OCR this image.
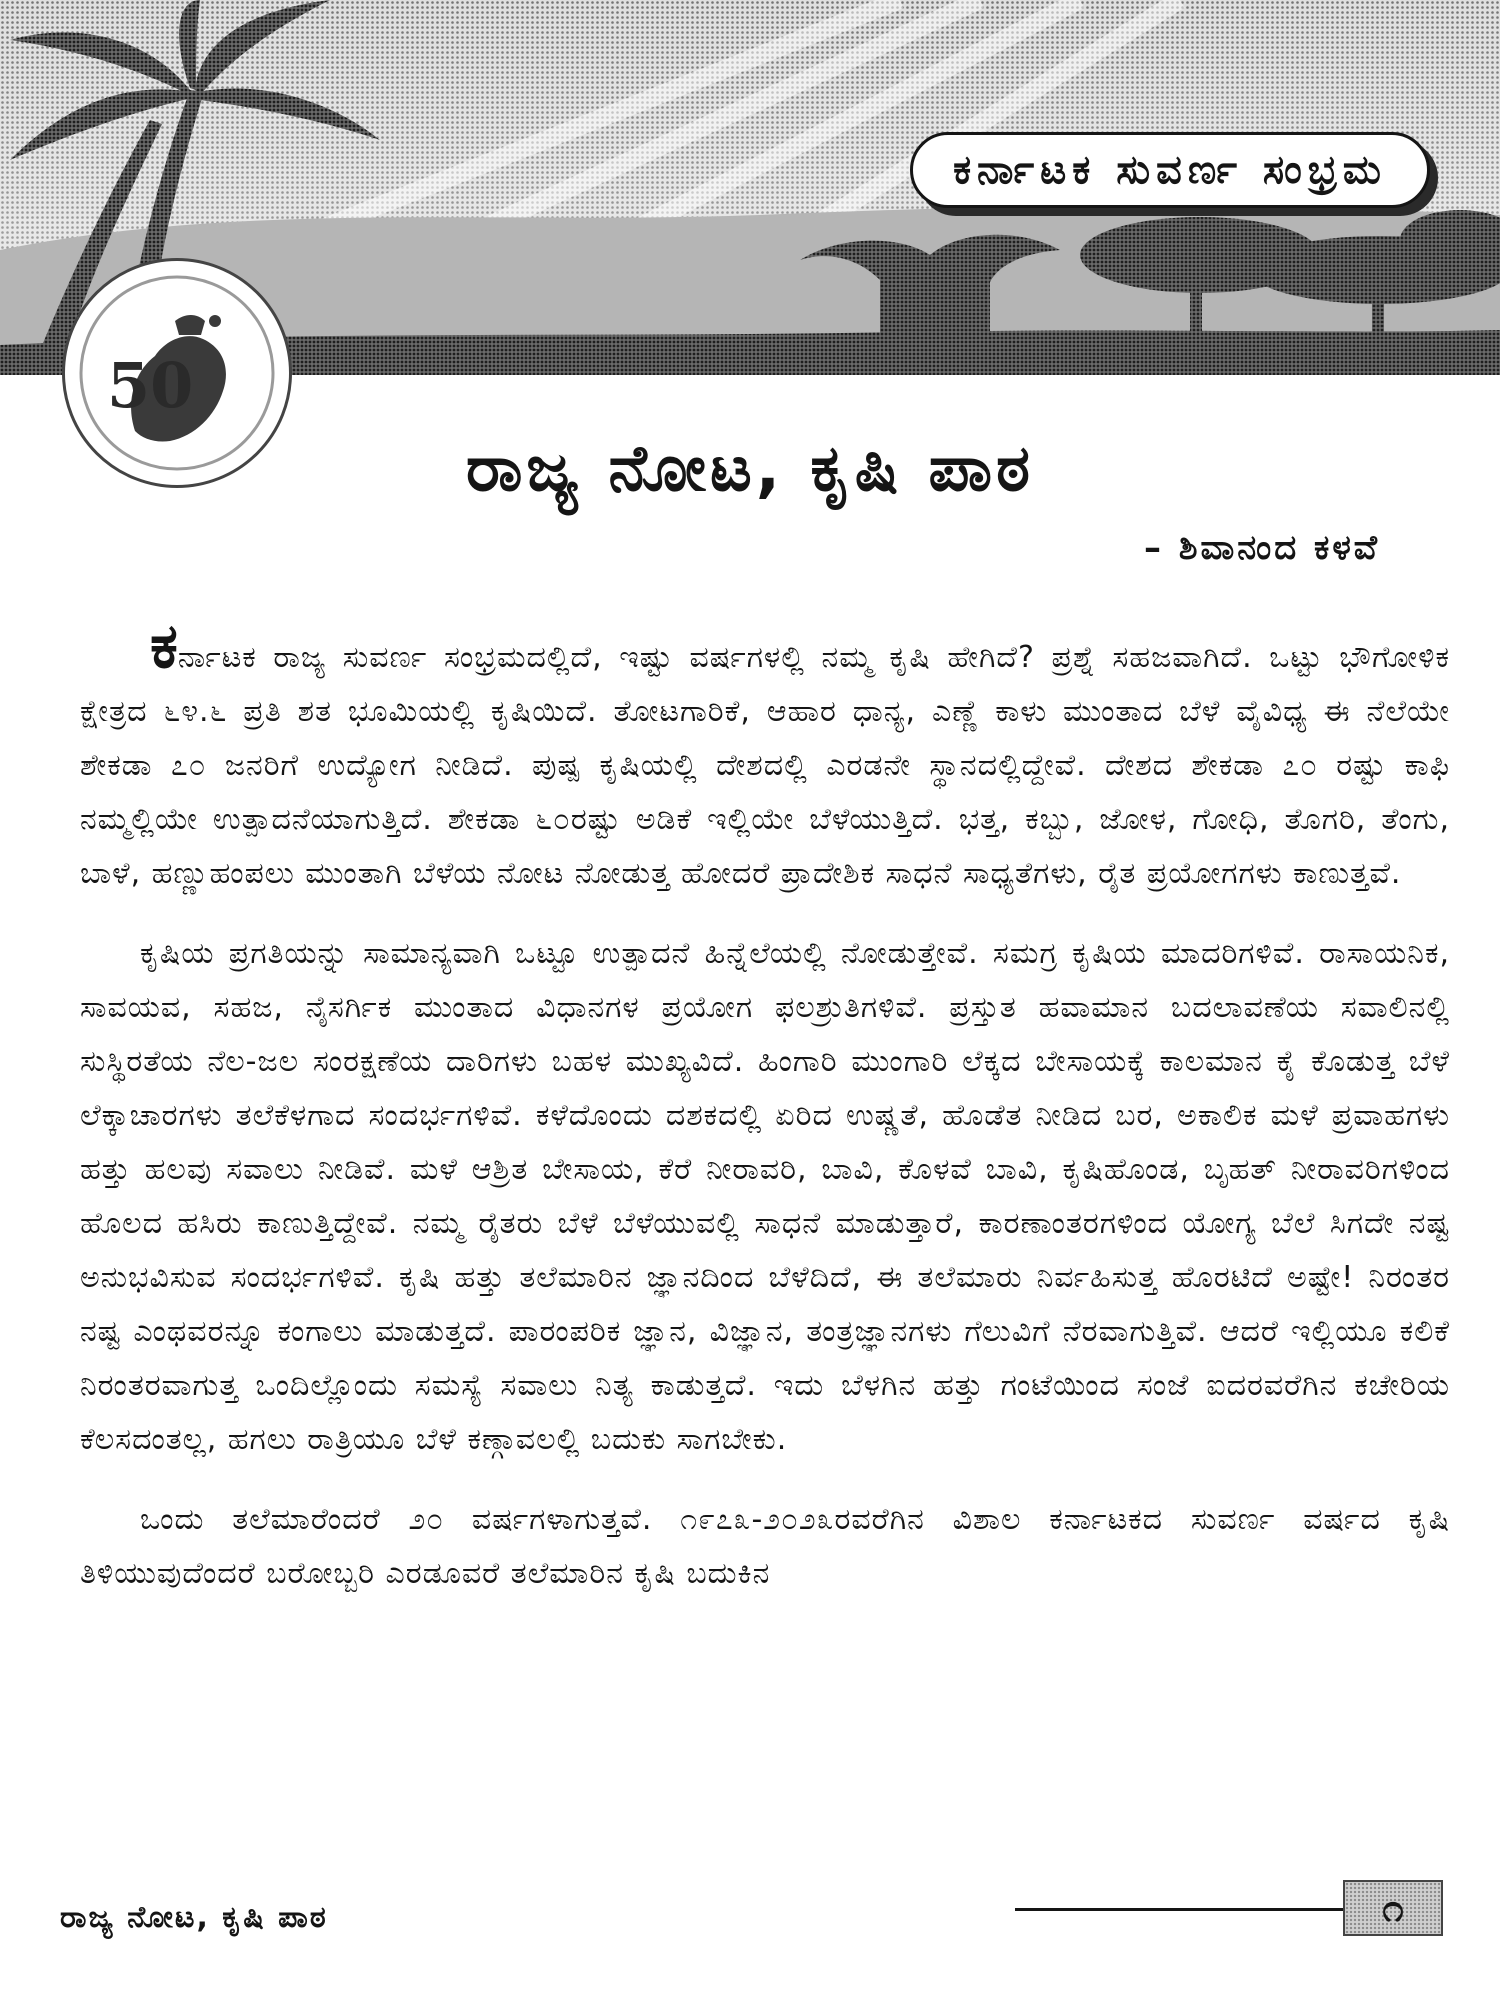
ಕರ್ನಾಟಕ ಸುವರ್ಣ ಸಂಭ್ರಮ
50
ರಾಜ್ಯ ನೋಟ, ಕೃಷಿ ಪಾಠ
– ಶಿವಾನಂದ ಕಳವೆ

ಕರ್ನಾಟಕ ರಾಜ್ಯ ಸುವರ್ಣ ಸಂಭ್ರಮದಲ್ಲಿದೆ, ಇಷ್ಟು ವರ್ಷಗಳಲ್ಲಿ ನಮ್ಮ ಕೃಷಿ ಹೇಗಿದೆ? ಪ್ರಶ್ನೆ ಸಹಜವಾಗಿದೆ. ಒಟ್ಟು ಭೌಗೋಳಿಕ ಕ್ಷೇತ್ರದ ೬೪.೬ ಪ್ರತಿ ಶತ ಭೂಮಿಯಲ್ಲಿ ಕೃಷಿಯಿದೆ. ತೋಟಗಾರಿಕೆ, ಆಹಾರ ಧಾನ್ಯ, ಎಣ್ಣೆ ಕಾಳು ಮುಂತಾದ ಬೆಳೆ ವೈವಿಧ್ಯ ಈ ನೆಲೆಯೇ ಶೇಕಡಾ ೭೦ ಜನರಿಗೆ ಉದ್ಯೋಗ ನೀಡಿದೆ. ಪುಷ್ಪ ಕೃಷಿಯಲ್ಲಿ ದೇಶದಲ್ಲಿ ಎರಡನೇ ಸ್ಥಾನದಲ್ಲಿದ್ದೇವೆ. ದೇಶದ ಶೇಕಡಾ ೭೦ ರಷ್ಟು ಕಾಫಿ ನಮ್ಮಲ್ಲಿಯೇ ಉತ್ಪಾದನೆಯಾಗುತ್ತಿದೆ. ಶೇಕಡಾ ೬೦ರಷ್ಟು ಅಡಿಕೆ ಇಲ್ಲಿಯೇ ಬೆಳೆಯುತ್ತಿದೆ. ಭತ್ತ, ಕಬ್ಬು, ಜೋಳ, ಗೋಧಿ, ತೊಗರಿ, ತೆಂಗು, ಬಾಳೆ, ಹಣ್ಣುಹಂಪಲು ಮುಂತಾಗಿ ಬೆಳೆಯ ನೋಟ ನೋಡುತ್ತ ಹೋದರೆ ಪ್ರಾದೇಶಿಕ ಸಾಧನೆ ಸಾಧ್ಯತೆಗಳು, ರೈತ ಪ್ರಯೋಗಗಳು ಕಾಣುತ್ತವೆ.

ಕೃಷಿಯ ಪ್ರಗತಿಯನ್ನು ಸಾಮಾನ್ಯವಾಗಿ ಒಟ್ಟೂ ಉತ್ಪಾದನೆ ಹಿನ್ನೆಲೆಯಲ್ಲಿ ನೋಡುತ್ತೇವೆ. ಸಮಗ್ರ ಕೃಷಿಯ ಮಾದರಿಗಳಿವೆ. ರಾಸಾಯನಿಕ, ಸಾವಯವ, ಸಹಜ, ನೈಸರ್ಗಿಕ ಮುಂತಾದ ವಿಧಾನಗಳ ಪ್ರಯೋಗ ಫಲಶ್ರುತಿಗಳಿವೆ. ಪ್ರಸ್ತುತ ಹವಾಮಾನ ಬದಲಾವಣೆಯ ಸವಾಲಿನಲ್ಲಿ ಸುಸ್ಥಿರತೆಯ ನೆಲ-ಜಲ ಸಂರಕ್ಷಣೆಯ ದಾರಿಗಳು ಬಹಳ ಮುಖ್ಯವಿದೆ. ಹಿಂಗಾರಿ ಮುಂಗಾರಿ ಲೆಕ್ಕದ ಬೇಸಾಯಕ್ಕೆ ಕಾಲಮಾನ ಕೈ ಕೊಡುತ್ತ ಬೆಳೆ ಲೆಕ್ಕಾಚಾರಗಳು ತಲೆಕೆಳಗಾದ ಸಂದರ್ಭಗಳಿವೆ. ಕಳೆದೊಂದು ದಶಕದಲ್ಲಿ ಏರಿದ ಉಷ್ಣತೆ, ಹೊಡೆತ ನೀಡಿದ ಬರ, ಅಕಾಲಿಕ ಮಳೆ ಪ್ರವಾಹಗಳು ಹತ್ತು ಹಲವು ಸವಾಲು ನೀಡಿವೆ. ಮಳೆ ಆಶ್ರಿತ ಬೇಸಾಯ, ಕೆರೆ ನೀರಾವರಿ, ಬಾವಿ, ಕೊಳವೆ ಬಾವಿ, ಕೃಷಿಹೊಂಡ, ಬೃಹತ್ ನೀರಾವರಿಗಳಿಂದ ಹೊಲದ ಹಸಿರು ಕಾಣುತ್ತಿದ್ದೇವೆ. ನಮ್ಮ ರೈತರು ಬೆಳೆ ಬೆಳೆಯುವಲ್ಲಿ ಸಾಧನೆ ಮಾಡುತ್ತಾರೆ, ಕಾರಣಾಂತರಗಳಿಂದ ಯೋಗ್ಯ ಬೆಲೆ ಸಿಗದೇ ನಷ್ಟ ಅನುಭವಿಸುವ ಸಂದರ್ಭಗಳಿವೆ. ಕೃಷಿ ಹತ್ತು ತಲೆಮಾರಿನ ಜ್ಞಾನದಿಂದ ಬೆಳೆದಿದೆ, ಈ ತಲೆಮಾರು ನಿರ್ವಹಿಸುತ್ತ ಹೊರಟಿದೆ ಅಷ್ಟೇ! ನಿರಂತರ ನಷ್ಟ ಎಂಥವರನ್ನೂ ಕಂಗಾಲು ಮಾಡುತ್ತದೆ. ಪಾರಂಪರಿಕ ಜ್ಞಾನ, ವಿಜ್ಞಾನ, ತಂತ್ರಜ್ಞಾನಗಳು ಗೆಲುವಿಗೆ ನೆರವಾಗುತ್ತಿವೆ. ಆದರೆ ಇಲ್ಲಿಯೂ ಕಲಿಕೆ ನಿರಂತರವಾಗುತ್ತ ಒಂದಿಲ್ಲೊಂದು ಸಮಸ್ಯೆ ಸವಾಲು ನಿತ್ಯ ಕಾಡುತ್ತದೆ. ಇದು ಬೆಳಗಿನ ಹತ್ತು ಗಂಟೆಯಿಂದ ಸಂಜೆ ಐದರವರೆಗಿನ ಕಚೇರಿಯ ಕೆಲಸದಂತಲ್ಲ, ಹಗಲು ರಾತ್ರಿಯೂ ಬೆಳೆ ಕಣ್ಗಾವಲಲ್ಲಿ ಬದುಕು ಸಾಗಬೇಕು.

ಒಂದು ತಲೆಮಾರೆಂದರೆ ೨೦ ವರ್ಷಗಳಾಗುತ್ತವೆ. ೧೯೭೩-೨೦೨೩ರವರೆಗಿನ ವಿಶಾಲ ಕರ್ನಾಟಕದ ಸುವರ್ಣ ವರ್ಷದ ಕೃಷಿ ತಿಳಿಯುವುದೆಂದರೆ ಬರೋಬ್ಬರಿ ಎರಡೂವರೆ ತಲೆಮಾರಿನ ಕೃಷಿ ಬದುಕಿನ

ರಾಜ್ಯ ನೋಟ, ಕೃಷಿ ಪಾಠ	೧
